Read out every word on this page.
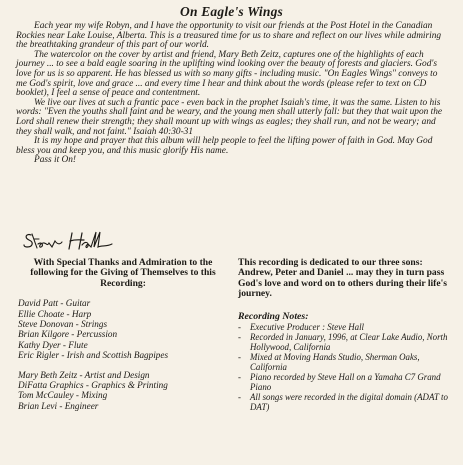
On Eagle's Wings

Each year my wife Robyn, and I have the opportunity to visit our friends at the Post Hotel in the Canadian Rockies near Lake Louise, Alberta. This is a treasured time for us to share and reflect on our lives while admiring the breathtaking grandeur of this part of our world.

The watercolor on the cover by artist and friend, Mary Beth Zeitz, captures one of the highlights of each journey ... to see a bald eagle soaring in the uplifting wind looking over the beauty of forests and glaciers. God's love for us is so apparent. He has blessed us with so many gifts - including music. "On Eagles Wings" conveys to me God's spirit, love and grace ... and every time I hear and think about the words (please refer to text on CD booklet), I feel a sense of peace and contentment.

We live our lives at such a frantic pace - even back in the prophet Isaiah's time, it was the same. Listen to his words: "Even the youths shall faint and be weary, and the young men shall utterly fall: but they that wait upon the Lord shall renew their strength; they shall mount up with wings as eagles; they shall run, and not be weary; and they shall walk, and not faint." Isaiah 40:30-31

It is my hope and prayer that this album will help people to feel the lifting power of faith in God. May God bless you and keep you, and this music glorify His name.

Pass it On!

With Special Thanks and Admiration to the following for the Giving of Themselves to this Recording:
David Patt - Guitar
Ellie Choate - Harp
Steve Donovan - Strings
Brian Kilgore - Percussion
Kathy Dyer - Flute
Eric Rigler - Irish and Scottish Bagpipes
Mary Beth Zeitz - Artist and Design
DiFatta Graphics - Graphics & Printing
Tom McCauley - Mixing
Brian Levi - Engineer
This recording is dedicated to our three sons: Andrew, Peter and Daniel ... may they in turn pass God's love and word on to others during their life's journey.
Recording Notes:
-	Executive Producer : Steve Hall
-	Recorded in January, 1996, at Clear Lake Audio, North Hollywood, California
-	Mixed at Moving Hands Studio, Sherman Oaks, California
-	Piano recorded by Steve Hall on a Yamaha C7 Grand Piano
-	All songs were recorded in the digital domain (ADAT to DAT)
